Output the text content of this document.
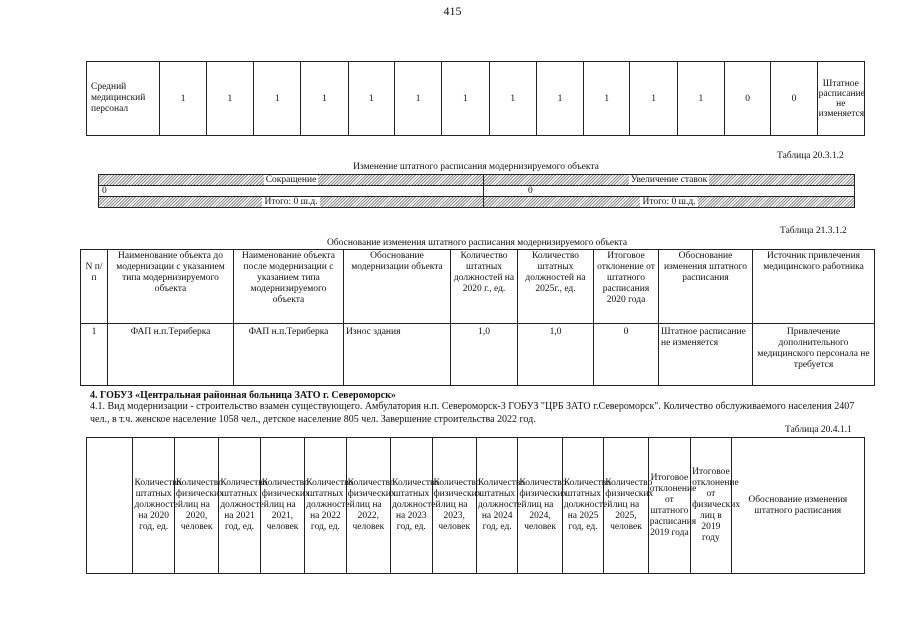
415
Средний медицинский персонал	1	1	1	1	1	1	1	1	1	1	1	1	0	0	Штатное расписание не изменяется
Таблица 20.3.1.2
Изменение штатного расписания модернизируемого объекта
Сокращение	Увеличение ставок
0	0
Итого: 0 ш.д.	Итого: 0 ш.д.
Таблица 21.3.1.2
Обоснование изменения штатного расписания модернизируемого объекта
N п/п	Наименование объекта до модернизации с указанием типа модернизируемого объекта	Наименование объекта после модернизации с указанием типа модернизируемого объекта	Обоснование модернизации объекта	Количество штатных должностей на 2020 г., ед.	Количество штатных должностей на 2025г., ед.	Итоговое отклонение от штатного расписания 2020 года	Обоснование изменения штатного расписания	Источник привлечения медицинского работника
1	ФАП н.п.Териберка	ФАП н.п.Териберка	Износ здания	1,0	1,0	0	Штатное расписание не изменяется	Привлечение дополнительного медицинского персонала не требуется
4. ГОБУЗ «Центральная районная больница ЗАТО г. Североморск»
4.1. Вид модернизации - строительство взамен существующего. Амбулатория н.п. Североморск-3 ГОБУЗ "ЦРБ ЗАТО г.Североморск". Количество обслуживаемого населения 2407 чел., в т.ч. женское население 1058 чел., детское население 805 чел. Завершение строительства 2022 год.
Таблица 20.4.1.1
	Количество штатных должностей на 2020 год, ед.	Количество физических лиц на 2020, человек	Количество штатных должностей на 2021 год, ед.	Количество физических лиц на 2021, человек	Количество штатных должностей на 2022 год, ед.	Количество физических лиц на 2022, человек	Количество штатных должностей на 2023 год, ед.	Количество физических лиц на 2023, человек	Количество штатных должностей на 2024 год, ед.	Количество физических лиц на 2024, человек	Количество штатных должностей на 2025 год, ед.	Количество физических лиц на 2025, человек	Итоговое отклонение от штатного расписания 2019 года	Итоговое отклонение от физических лиц в 2019 году	Обоснование изменения штатного расписания
